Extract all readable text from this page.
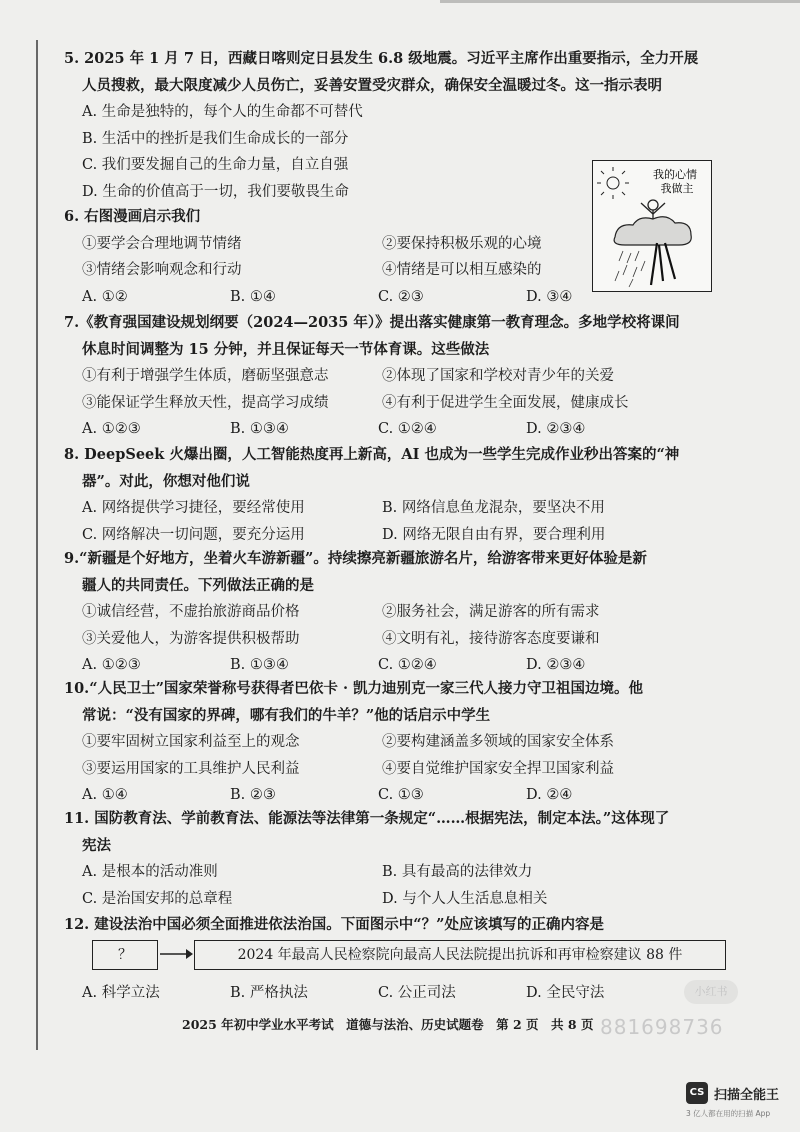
5. 2025 年 1 月 7 日，西藏日喀则定日县发生 6.8 级地震。习近平主席作出重要指示，全力开展
人员搜救，最大限度减少人员伤亡，妥善安置受灾群众，确保安全温暖过冬。这一指示表明
A. 生命是独特的，每个人的生命都不可替代
B. 生活中的挫折是我们生命成长的一部分
C. 我们要发掘自己的生命力量，自立自强
D. 生命的价值高于一切，我们要敬畏生命
我的心情
我做主
6. 右图漫画启示我们
①要学会合理地调节情绪	②要保持积极乐观的心境
③情绪会影响观念和行动	④情绪是可以相互感染的
A. ①②	B. ①④	C. ②③	D. ③④
7.《教育强国建设规划纲要（2024—2035 年）》提出落实健康第一教育理念。多地学校将课间
休息时间调整为 15 分钟，并且保证每天一节体育课。这些做法
①有利于增强学生体质，磨砺坚强意志	②体现了国家和学校对青少年的关爱
③能保证学生释放天性，提高学习成绩	④有利于促进学生全面发展，健康成长
A. ①②③	B. ①③④	C. ①②④	D. ②③④
8. DeepSeek 火爆出圈，人工智能热度再上新高，AI 也成为一些学生完成作业秒出答案的“神
器”。对此，你想对他们说
A. 网络提供学习捷径，要经常使用	B. 网络信息鱼龙混杂，要坚决不用
C. 网络解决一切问题，要充分运用	D. 网络无限自由有界，要合理利用
9.“新疆是个好地方，坐着火车游新疆”。持续擦亮新疆旅游名片，给游客带来更好体验是新
疆人的共同责任。下列做法正确的是
①诚信经营，不虚抬旅游商品价格	②服务社会，满足游客的所有需求
③关爱他人，为游客提供积极帮助	④文明有礼，接待游客态度要谦和
A. ①②③	B. ①③④	C. ①②④	D. ②③④
10.“人民卫士”国家荣誉称号获得者巴依卡 · 凯力迪别克一家三代人接力守卫祖国边境。他
常说：“没有国家的界碑，哪有我们的牛羊？”他的话启示中学生
①要牢固树立国家利益至上的观念	②要构建涵盖多领域的国家安全体系
③要运用国家的工具维护人民利益	④要自觉维护国家安全捍卫国家利益
A. ①④	B. ②③	C. ①③	D. ②④
11. 国防教育法、学前教育法、能源法等法律第一条规定“……根据宪法，制定本法。”这体现了
宪法
A. 是根本的活动准则	B. 具有最高的法律效力
C. 是治国安邦的总章程	D. 与个人人生活息息相关
12. 建设法治中国必须全面推进依法治国。下面图示中“？”处应该填写的正确内容是
？	2024 年最高人民检察院向最高人民法院提出抗诉和再审检察建议 88 件
A. 科学立法	B. 严格执法	C. 公正司法	D. 全民守法	小红书
881698736
2025 年初中学业水平考试　道德与法治、历史试题卷　第 2 页　共 8 页
CS 扫描全能王
3 亿人都在用的扫描 App
